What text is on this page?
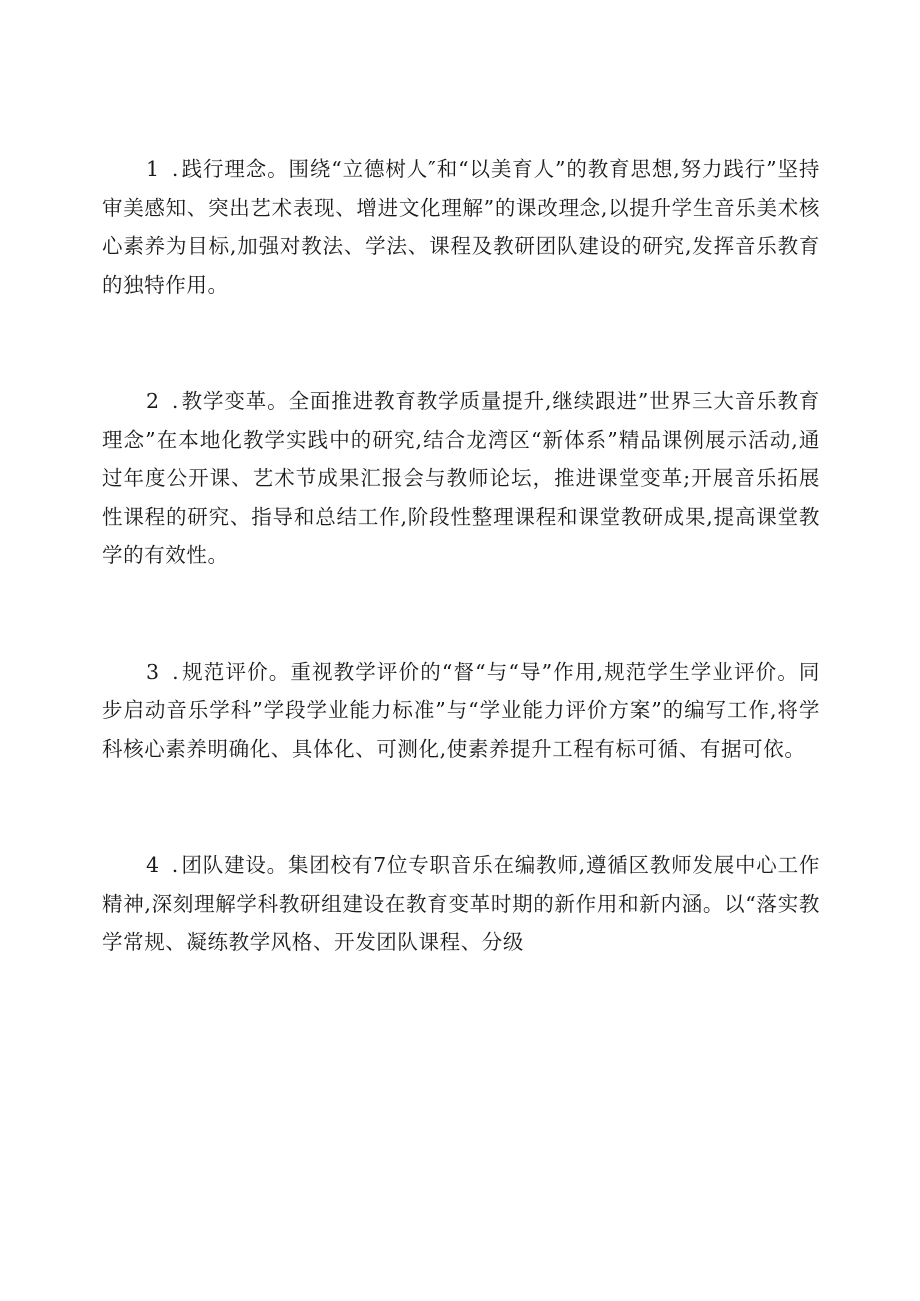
1 .践行理念。围绕“立德树人″和“以美育人”的教育思想,努力践行”坚持审美感知、突出艺术表现、增进文化理解”的课改理念,以提升学生音乐美术核心素养为目标,加强对教法、学法、课程及教研团队建设的研究,发挥音乐教育的独特作用。

2 .教学变革。全面推进教育教学质量提升,继续跟进”世界三大音乐教育理念”在本地化教学实践中的研究,结合龙湾区“新体系”精品课例展示活动,通过年度公开课、艺术节成果汇报会与教师论坛，推进课堂变革;开展音乐拓展性课程的研究、指导和总结工作,阶段性整理课程和课堂教研成果,提高课堂教学的有效性。

3 .规范评价。重视教学评价的“督“与“导”作用,规范学生学业评价。同步启动音乐学科”学段学业能力标准”与“学业能力评价方案”的编写工作,将学科核心素养明确化、具体化、可测化,使素养提升工程有标可循、有据可依。

4 .团队建设。集团校有7位专职音乐在编教师,遵循区教师发展中心工作精神,深刻理解学科教研组建设在教育变革时期的新作用和新内涵。以“落实教学常规、凝练教学风格、开发团队课程、分级
